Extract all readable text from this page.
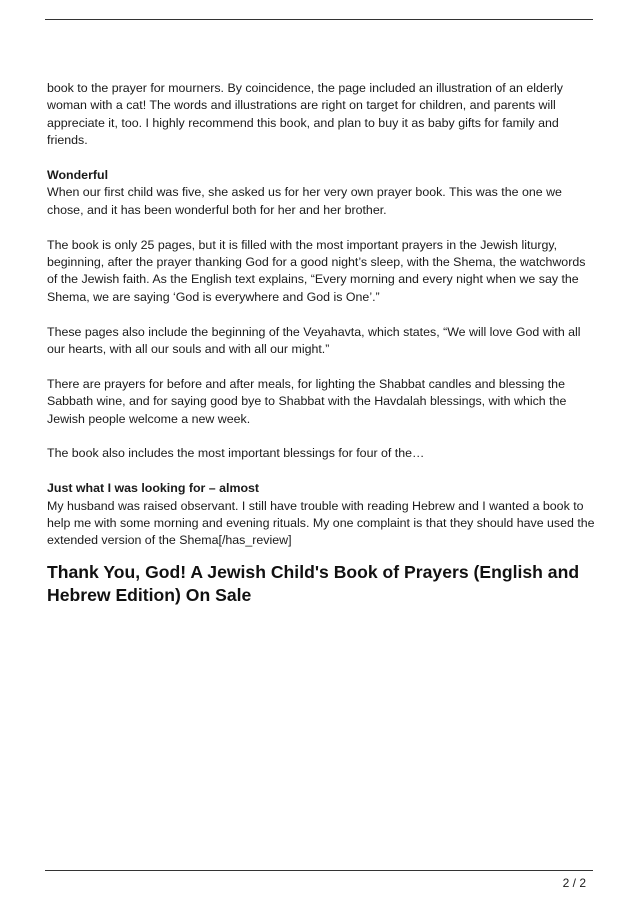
book to the prayer for mourners. By coincidence, the page included an illustration of an elderly woman with a cat! The words and illustrations are right on target for children, and parents will appreciate it, too. I highly recommend this book, and plan to buy it as baby gifts for family and friends.

Wonderful
When our first child was five, she asked us for her very own prayer book. This was the one we chose, and it has been wonderful both for her and her brother.

The book is only 25 pages, but it is filled with the most important prayers in the Jewish liturgy, beginning, after the prayer thanking God for a good night’s sleep, with the Shema, the watchwords of the Jewish faith. As the English text explains, “Every morning and every night when we say the Shema, we are saying ‘God is everywhere and God is One’.”

These pages also include the beginning of the Veyahavta, which states, “We will love God with all our hearts, with all our souls and with all our might.”

There are prayers for before and after meals, for lighting the Shabbat candles and blessing the Sabbath wine, and for saying good bye to Shabbat with the Havdalah blessings, with which the Jewish people welcome a new week.

The book also includes the most important blessings for four of the…

Just what I was looking for – almost
My husband was raised observant. I still have trouble with reading Hebrew and I wanted a book to help me with some morning and evening rituals. My one complaint is that they should have used the extended version of the Shema[/has_review]

Thank You, God! A Jewish Child's Book of Prayers (English and Hebrew Edition) On Sale
2 / 2
